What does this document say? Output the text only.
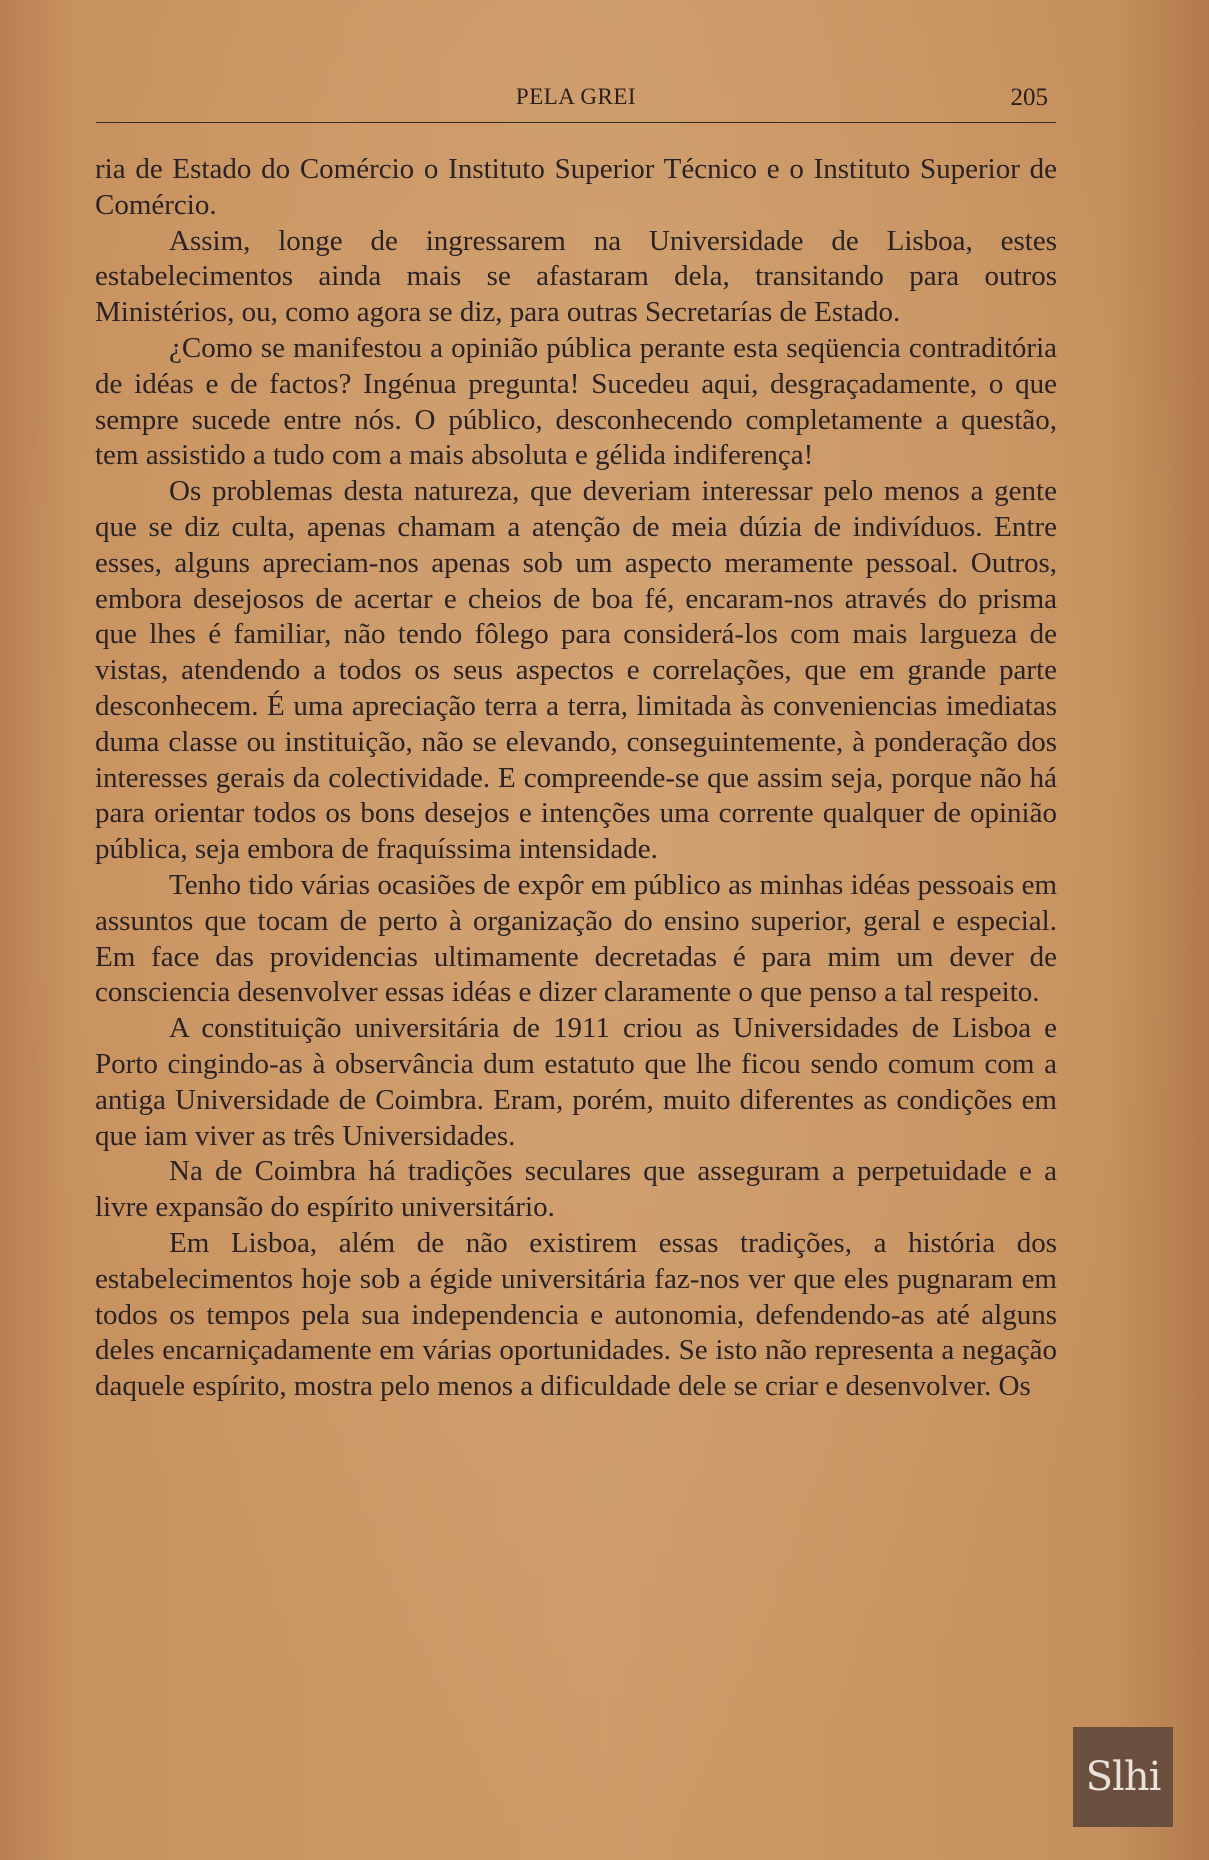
PELA GREI	205

ria de Estado do Comércio o Instituto Superior Técnico e o Instituto Superior de Comércio.

Assim, longe de ingressarem na Universidade de Lisboa, estes estabelecimentos ainda mais se afastaram dela, transitando para outros Ministérios, ou, como agora se diz, para outras Secretarías de Estado.

¿Como se manifestou a opinião pública perante esta seqüencia contraditória de idéas e de factos? Ingénua pregunta! Sucedeu aqui, desgraçadamente, o que sempre sucede entre nós. O público, desconhecendo completamente a questão, tem assistido a tudo com a mais absoluta e gélida indiferença!

Os problemas desta natureza, que deveriam interessar pelo menos a gente que se diz culta, apenas chamam a atenção de meia dúzia de indivíduos. Entre esses, alguns apreciam-nos apenas sob um aspecto meramente pessoal. Outros, embora desejosos de acertar e cheios de boa fé, encaram-nos através do prisma que lhes é familiar, não tendo fôlego para considerá-los com mais largueza de vistas, atendendo a todos os seus aspectos e correlações, que em grande parte desconhecem. É uma apreciação terra a terra, limitada às conveniencias imediatas duma classe ou instituição, não se elevando, conseguintemente, à ponderação dos interesses gerais da colectividade. E compreende-se que assim seja, porque não há para orientar todos os bons desejos e intenções uma corrente qualquer de opinião pública, seja embora de fraquíssima intensidade.

Tenho tido várias ocasiões de expôr em público as minhas idéas pessoais em assuntos que tocam de perto à organização do ensino superior, geral e especial. Em face das providencias ultimamente decretadas é para mim um dever de consciencia desenvolver essas idéas e dizer claramente o que penso a tal respeito.

A constituição universitária de 1911 criou as Universidades de Lisboa e Porto cingindo-as à observância dum estatuto que lhe ficou sendo comum com a antiga Universidade de Coimbra. Eram, porém, muito diferentes as condições em que iam viver as três Universidades.

Na de Coimbra há tradições seculares que asseguram a perpetuidade e a livre expansão do espírito universitário.

Em Lisboa, além de não existirem essas tradições, a história dos estabelecimentos hoje sob a égide universitária faz-nos ver que eles pugnaram em todos os tempos pela sua independencia e autonomia, defendendo-as até alguns deles encarniçadamente em várias oportunidades. Se isto não representa a negação daquele espírito, mostra pelo menos a dificuldade dele se criar e desenvolver. Os

Slhi
